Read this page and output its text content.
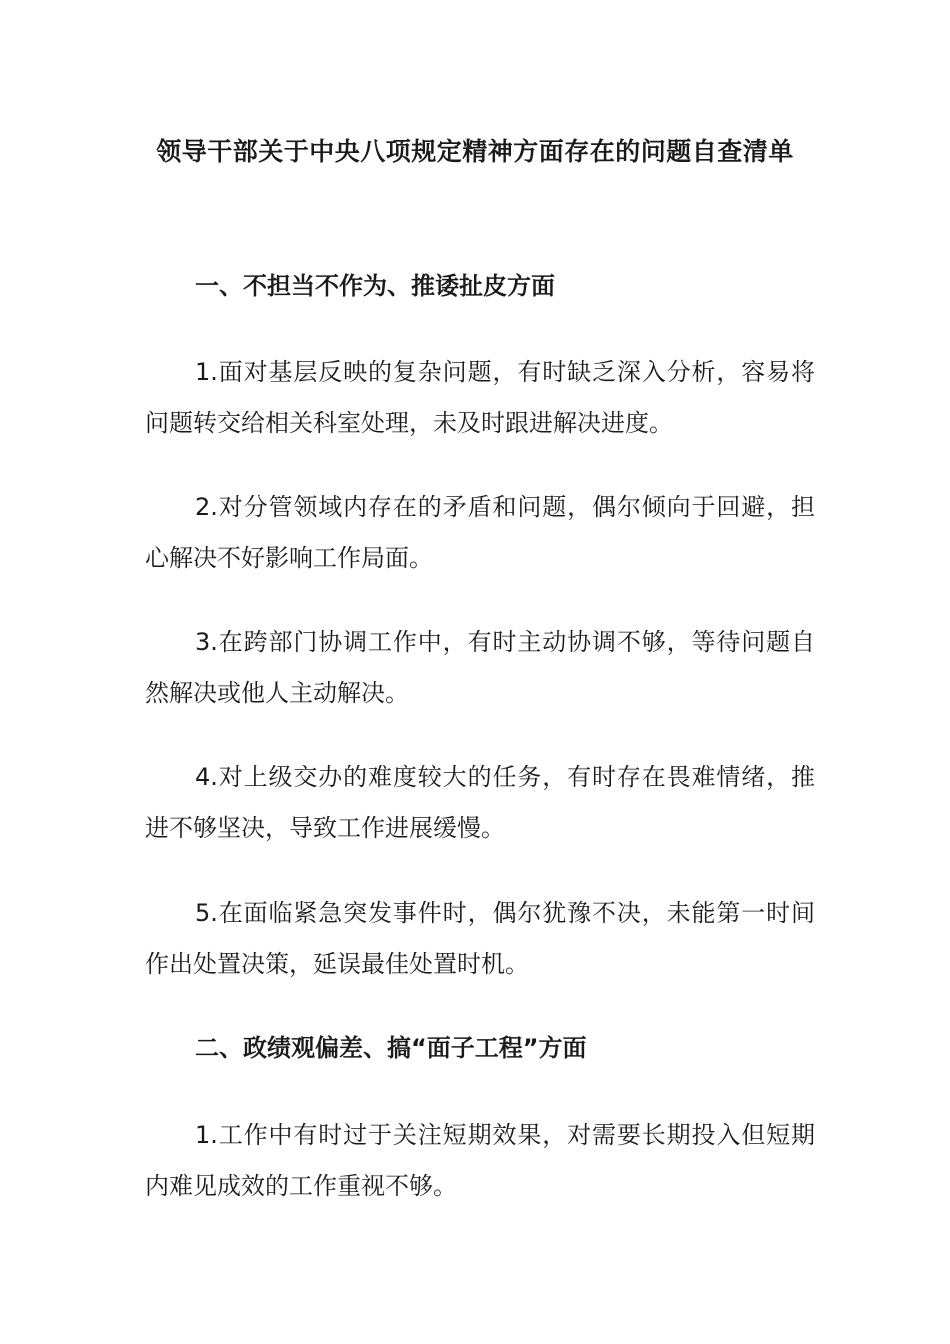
领导干部关于中央八项规定精神方面存在的问题自查清单
一、不担当不作为、推诿扯皮方面
1.面对基层反映的复杂问题，有时缺乏深入分析，容易将问题转交给相关科室处理，未及时跟进解决进度。
2.对分管领域内存在的矛盾和问题，偶尔倾向于回避，担心解决不好影响工作局面。
3.在跨部门协调工作中，有时主动协调不够，等待问题自然解决或他人主动解决。
4.对上级交办的难度较大的任务，有时存在畏难情绪，推进不够坚决，导致工作进展缓慢。
5.在面临紧急突发事件时，偶尔犹豫不决，未能第一时间作出处置决策，延误最佳处置时机。
二、政绩观偏差、搞“面子工程”方面
1.工作中有时过于关注短期效果，对需要长期投入但短期内难见成效的工作重视不够。
